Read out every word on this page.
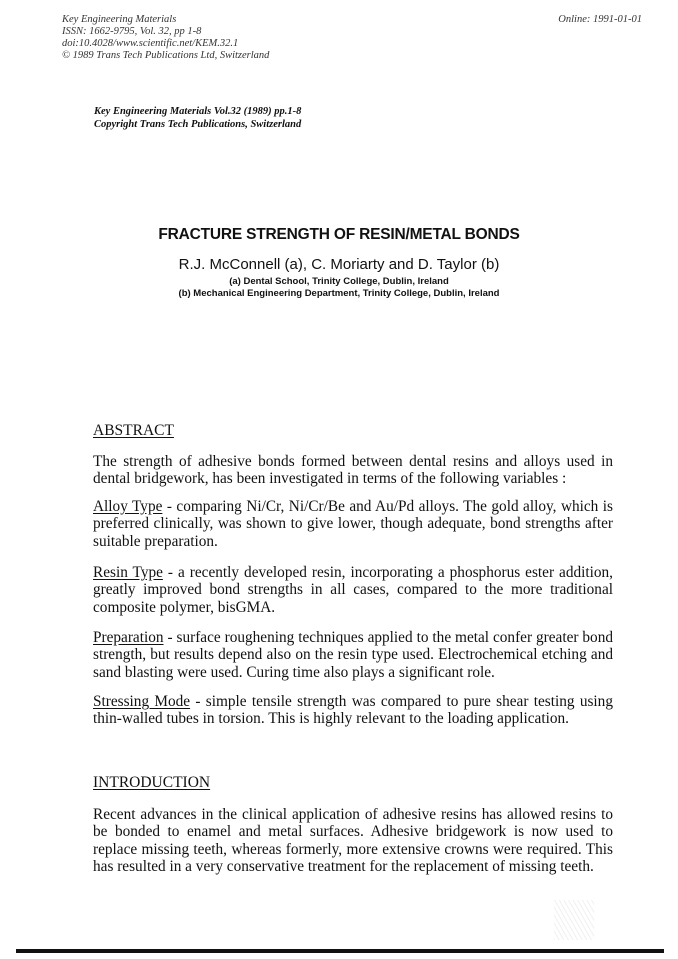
Key Engineering Materials
ISSN: 1662-9795, Vol. 32, pp 1-8
doi:10.4028/www.scientific.net/KEM.32.1
© 1989 Trans Tech Publications Ltd, Switzerland
Online: 1991-01-01
Key Engineering Materials Vol.32 (1989) pp.1-8
Copyright Trans Tech Publications, Switzerland
FRACTURE STRENGTH OF RESIN/METAL BONDS
R.J. McConnell (a), C. Moriarty and D. Taylor (b)
(a) Dental School, Trinity College, Dublin, Ireland
(b) Mechanical Engineering Department, Trinity College, Dublin, Ireland
ABSTRACT
The strength of adhesive bonds formed between dental resins and alloys used in dental bridgework, has been investigated in terms of the following variables :
Alloy Type - comparing Ni/Cr, Ni/Cr/Be and Au/Pd alloys. The gold alloy, which is preferred clinically, was shown to give lower, though adequate, bond strengths after suitable preparation.
Resin Type - a recently developed resin, incorporating a phosphorus ester addition, greatly improved bond strengths in all cases, compared to the more traditional composite polymer, bisGMA.
Preparation - surface roughening techniques applied to the metal confer greater bond strength, but results depend also on the resin type used. Electrochemical etching and sand blasting were used. Curing time also plays a significant role.
Stressing Mode - simple tensile strength was compared to pure shear testing using thin-walled tubes in torsion. This is highly relevant to the loading application.
INTRODUCTION
Recent advances in the clinical application of adhesive resins has allowed resins to be bonded to enamel and metal surfaces. Adhesive bridgework is now used to replace missing teeth, whereas formerly, more extensive crowns were required. This has resulted in a very conservative treatment for the replacement of missing teeth.
